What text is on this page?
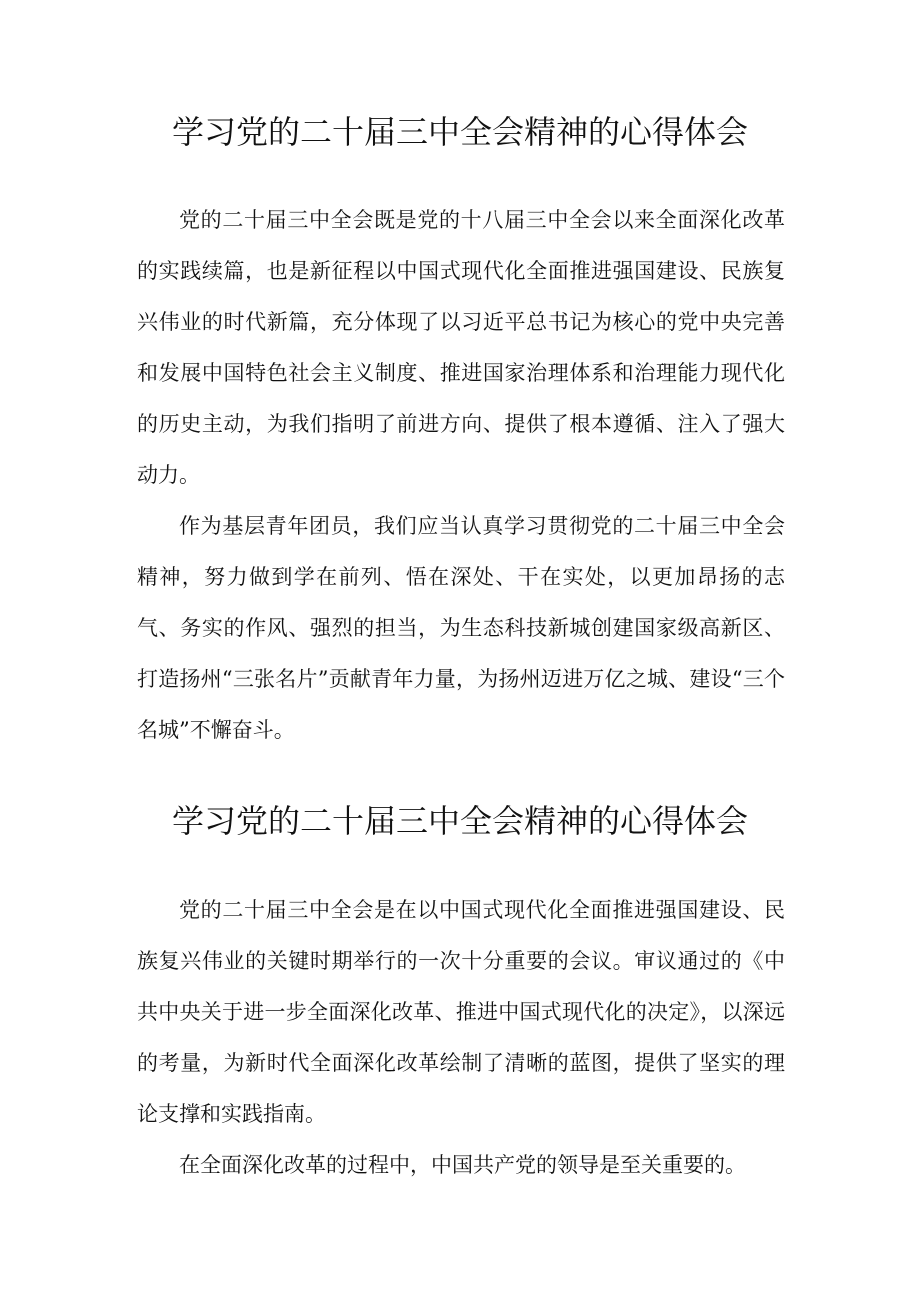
学习党的二十届三中全会精神的心得体会

党的二十届三中全会既是党的十八届三中全会以来全面深化改革的实践续篇，也是新征程以中国式现代化全面推进强国建设、民族复兴伟业的时代新篇，充分体现了以习近平总书记为核心的党中央完善和发展中国特色社会主义制度、推进国家治理体系和治理能力现代化的历史主动，为我们指明了前进方向、提供了根本遵循、注入了强大动力。

作为基层青年团员，我们应当认真学习贯彻党的二十届三中全会精神，努力做到学在前列、悟在深处、干在实处，以更加昂扬的志气、务实的作风、强烈的担当，为生态科技新城创建国家级高新区、打造扬州“三张名片”贡献青年力量，为扬州迈进万亿之城、建设“三个名城”不懈奋斗。

学习党的二十届三中全会精神的心得体会

党的二十届三中全会是在以中国式现代化全面推进强国建设、民族复兴伟业的关键时期举行的一次十分重要的会议。审议通过的《中共中央关于进一步全面深化改革、推进中国式现代化的决定》，以深远的考量，为新时代全面深化改革绘制了清晰的蓝图，提供了坚实的理论支撑和实践指南。

在全面深化改革的过程中，中国共产党的领导是至关重要的。
